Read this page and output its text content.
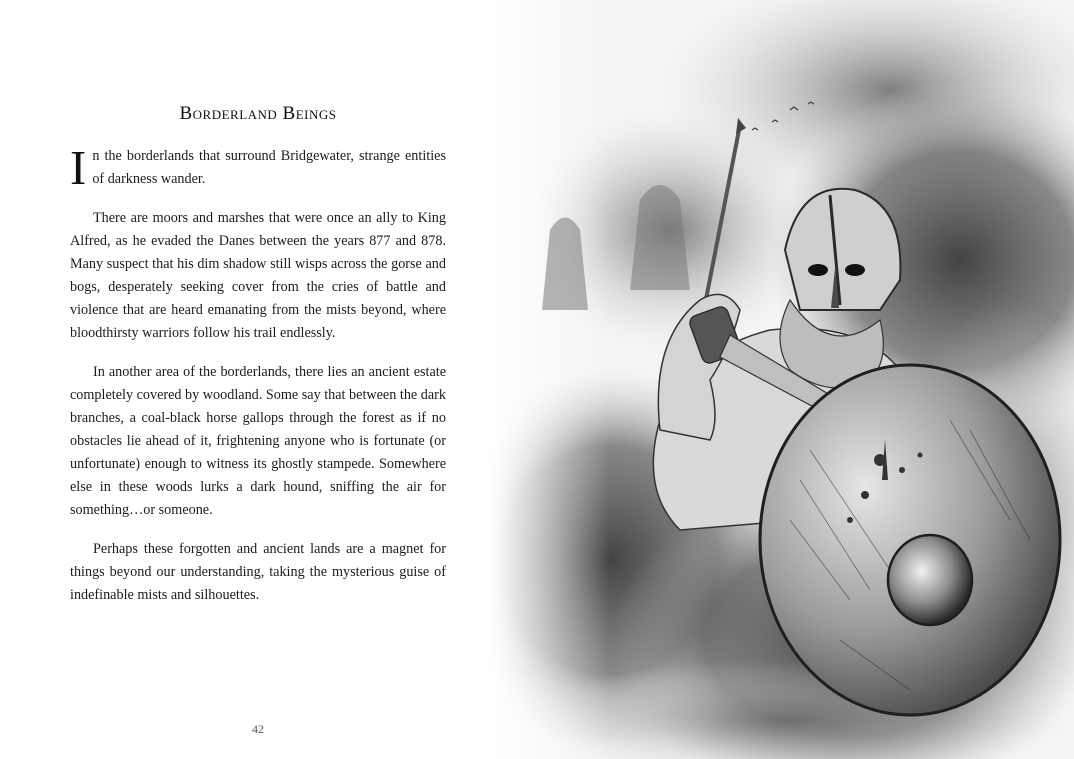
Borderland Beings

In the borderlands that surround Bridgewater, strange entities of darkness wander.

There are moors and marshes that were once an ally to King Alfred, as he evaded the Danes between the years 877 and 878. Many suspect that his dim shadow still wisps across the gorse and bogs, desperately seeking cover from the cries of battle and violence that are heard emanating from the mists beyond, where bloodthirsty warriors follow his trail endlessly.

In another area of the borderlands, there lies an ancient estate completely covered by woodland. Some say that between the dark branches, a coal-black horse gallops through the forest as if no obstacles lie ahead of it, frightening anyone who is fortunate (or unfortunate) enough to witness its ghostly stampede. Somewhere else in these woods lurks a dark hound, sniffing the air for something…or someone.

Perhaps these forgotten and ancient lands are a magnet for things beyond our understanding, taking the mysterious guise of indefinable mists and silhouettes.

42
